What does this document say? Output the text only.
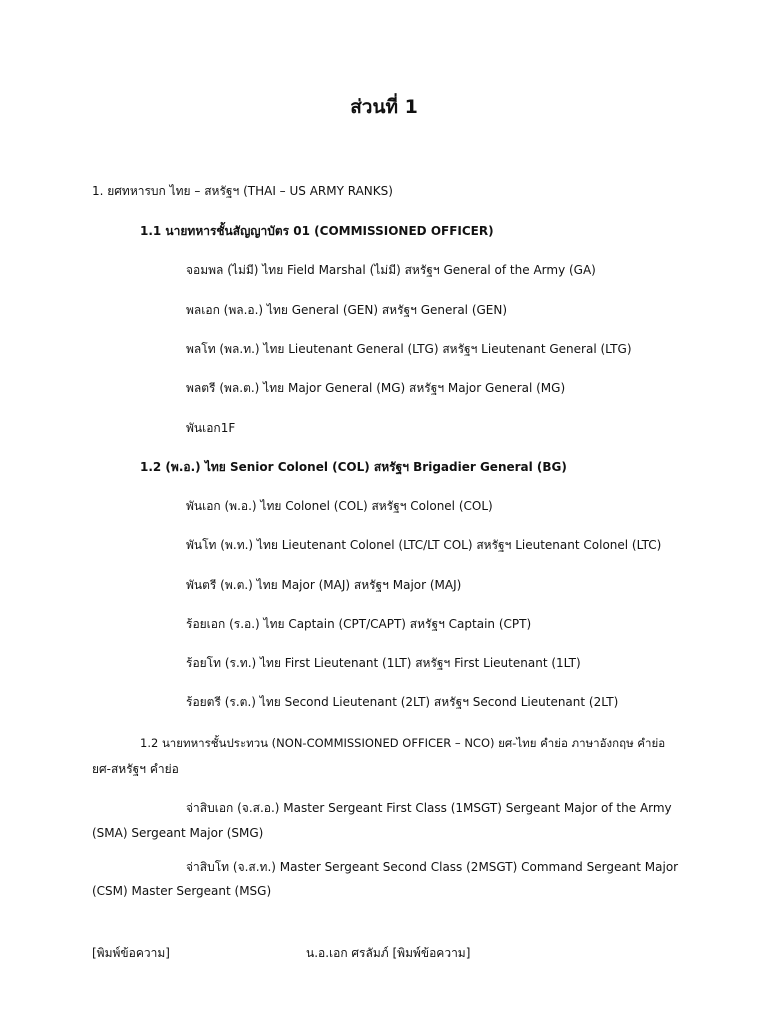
ส่วนที่ 1
1. ยศทหารบก ไทย – สหรัฐฯ (THAI – US ARMY RANKS)
1.1 นายทหารชั้นสัญญาบัตร 01 (COMMISSIONED OFFICER)
จอมพล (ไม่มี) ไทย Field Marshal (ไม่มี) สหรัฐฯ General of the Army (GA)
พลเอก (พล.อ.) ไทย General (GEN) สหรัฐฯ General (GEN)
พลโท (พล.ท.) ไทย Lieutenant General (LTG) สหรัฐฯ Lieutenant General (LTG)
พลตรี (พล.ต.) ไทย Major General (MG) สหรัฐฯ Major General (MG)
พันเอก1F
1.2 (พ.อ.) ไทย Senior Colonel (COL) สหรัฐฯ Brigadier General (BG)
พันเอก (พ.อ.) ไทย Colonel (COL) สหรัฐฯ Colonel (COL)
พันโท (พ.ท.) ไทย Lieutenant Colonel (LTC/LT COL) สหรัฐฯ Lieutenant Colonel (LTC)
พันตรี (พ.ต.) ไทย Major (MAJ) สหรัฐฯ Major (MAJ)
ร้อยเอก (ร.อ.) ไทย Captain (CPT/CAPT) สหรัฐฯ Captain (CPT)
ร้อยโท (ร.ท.) ไทย First Lieutenant (1LT) สหรัฐฯ First Lieutenant (1LT)
ร้อยตรี (ร.ต.) ไทย Second Lieutenant (2LT) สหรัฐฯ Second Lieutenant (2LT)
1.2 นายทหารชั้นประทวน (NON-COMMISSIONED OFFICER – NCO) ยศ-ไทย คำย่อ ภาษาอังกฤษ คำย่อ
ยศ-สหรัฐฯ คำย่อ
จ่าสิบเอก (จ.ส.อ.) Master Sergeant First Class (1MSGT) Sergeant Major of the Army
(SMA) Sergeant Major (SMG)
จ่าสิบโท (จ.ส.ท.) Master Sergeant Second Class (2MSGT) Command Sergeant Major
(CSM) Master Sergeant (MSG)
[พิมพ์ข้อความ]	น.อ.เอก ศรลัมภ์ [พิมพ์ข้อความ]
